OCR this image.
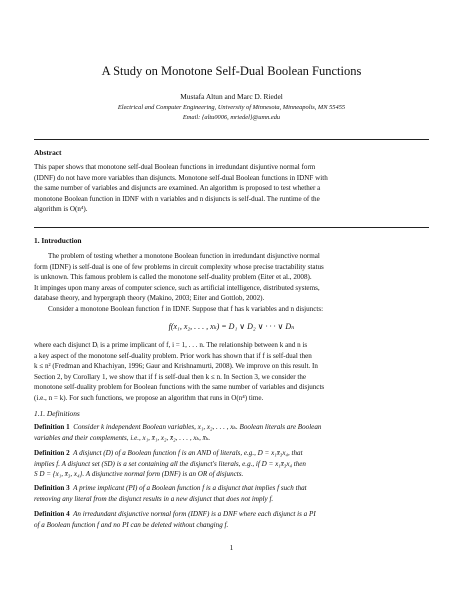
A Study on Monotone Self-Dual Boolean Functions
Mustafa Altun and Marc D. Riedel
Electrical and Computer Engineering, University of Minnesota, Minneapolis, MN 55455
Email: {altu0006, mriedel}@umn.edu
Abstract

This paper shows that monotone self-dual Boolean functions in irredundant disjuntive normal form

(IDNF) do not have more variables than disjuncts. Monotone self-dual Boolean functions in IDNF with

the same number of variables and disjuncts are examined. An algorithm is proposed to test whether a

monotone Boolean function in IDNF with n variables and n disjuncts is self-dual. The runtime of the

algorithm is O(n⁴).

1. Introduction

The problem of testing whether a monotone Boolean function in irredundant disjunctive normal

form (IDNF) is self-dual is one of few problems in circuit complexity whose precise tractability status

is unknown. This famous problem is called the monotone self-duality problem (Eiter et al., 2008).

It impinges upon many areas of computer science, such as artificial intelligence, distributed systems,

database theory, and hypergraph theory (Makino, 2003; Eiter and Gottlob, 2002).

Consider a monotone Boolean function f in IDNF. Suppose that f has k variables and n disjuncts:

f(x₁, x₂, . . . , xₖ) = D₁ ∨ D₂ ∨ · · · ∨ Dₙ

where each disjunct Dᵢ is a prime implicant of f, i = 1, . . . n. The relationship between k and n is

a key aspect of the monotone self-duality problem. Prior work has shown that if f is self-dual then

k ≤ n² (Fredman and Khachiyan, 1996; Gaur and Krishnamurti, 2008). We improve on this result. In

Section 2, by Corollary 1, we show that if f is self-dual then k ≤ n. In Section 3, we consider the

monotone self-duality problem for Boolean functions with the same number of variables and disjuncts

(i.e., n = k). For such functions, we propose an algorithm that runs in O(n⁴) time.

1.1. Definitions

Definition 1 Consider k independent Boolean variables, x₁, x₂, . . . , xₖ. Boolean literals are Boolean

variables and their complements, i.e., x₁, x̄₁, x₂, x̄₂, . . . , xₖ, x̄ₖ.

Definition 2 A disjunct (D) of a Boolean function f is an AND of literals, e.g., D = x₁x̄₃x₄, that

implies f. A disjunct set (SD) is a set containing all the disjunct's literals, e.g., if D = x₁x̄₃x₄ then

S D = {x₁, x̄₃, x₄}. A disjunctive normal form (DNF) is an OR of disjuncts.

Definition 3 A prime implicant (PI) of a Boolean function f is a disjunct that implies f such that

removing any literal from the disjunct results in a new disjunct that does not imply f.

Definition 4 An irredundant disjunctive normal form (IDNF) is a DNF where each disjunct is a PI

of a Boolean function f and no PI can be deleted without changing f.

1
